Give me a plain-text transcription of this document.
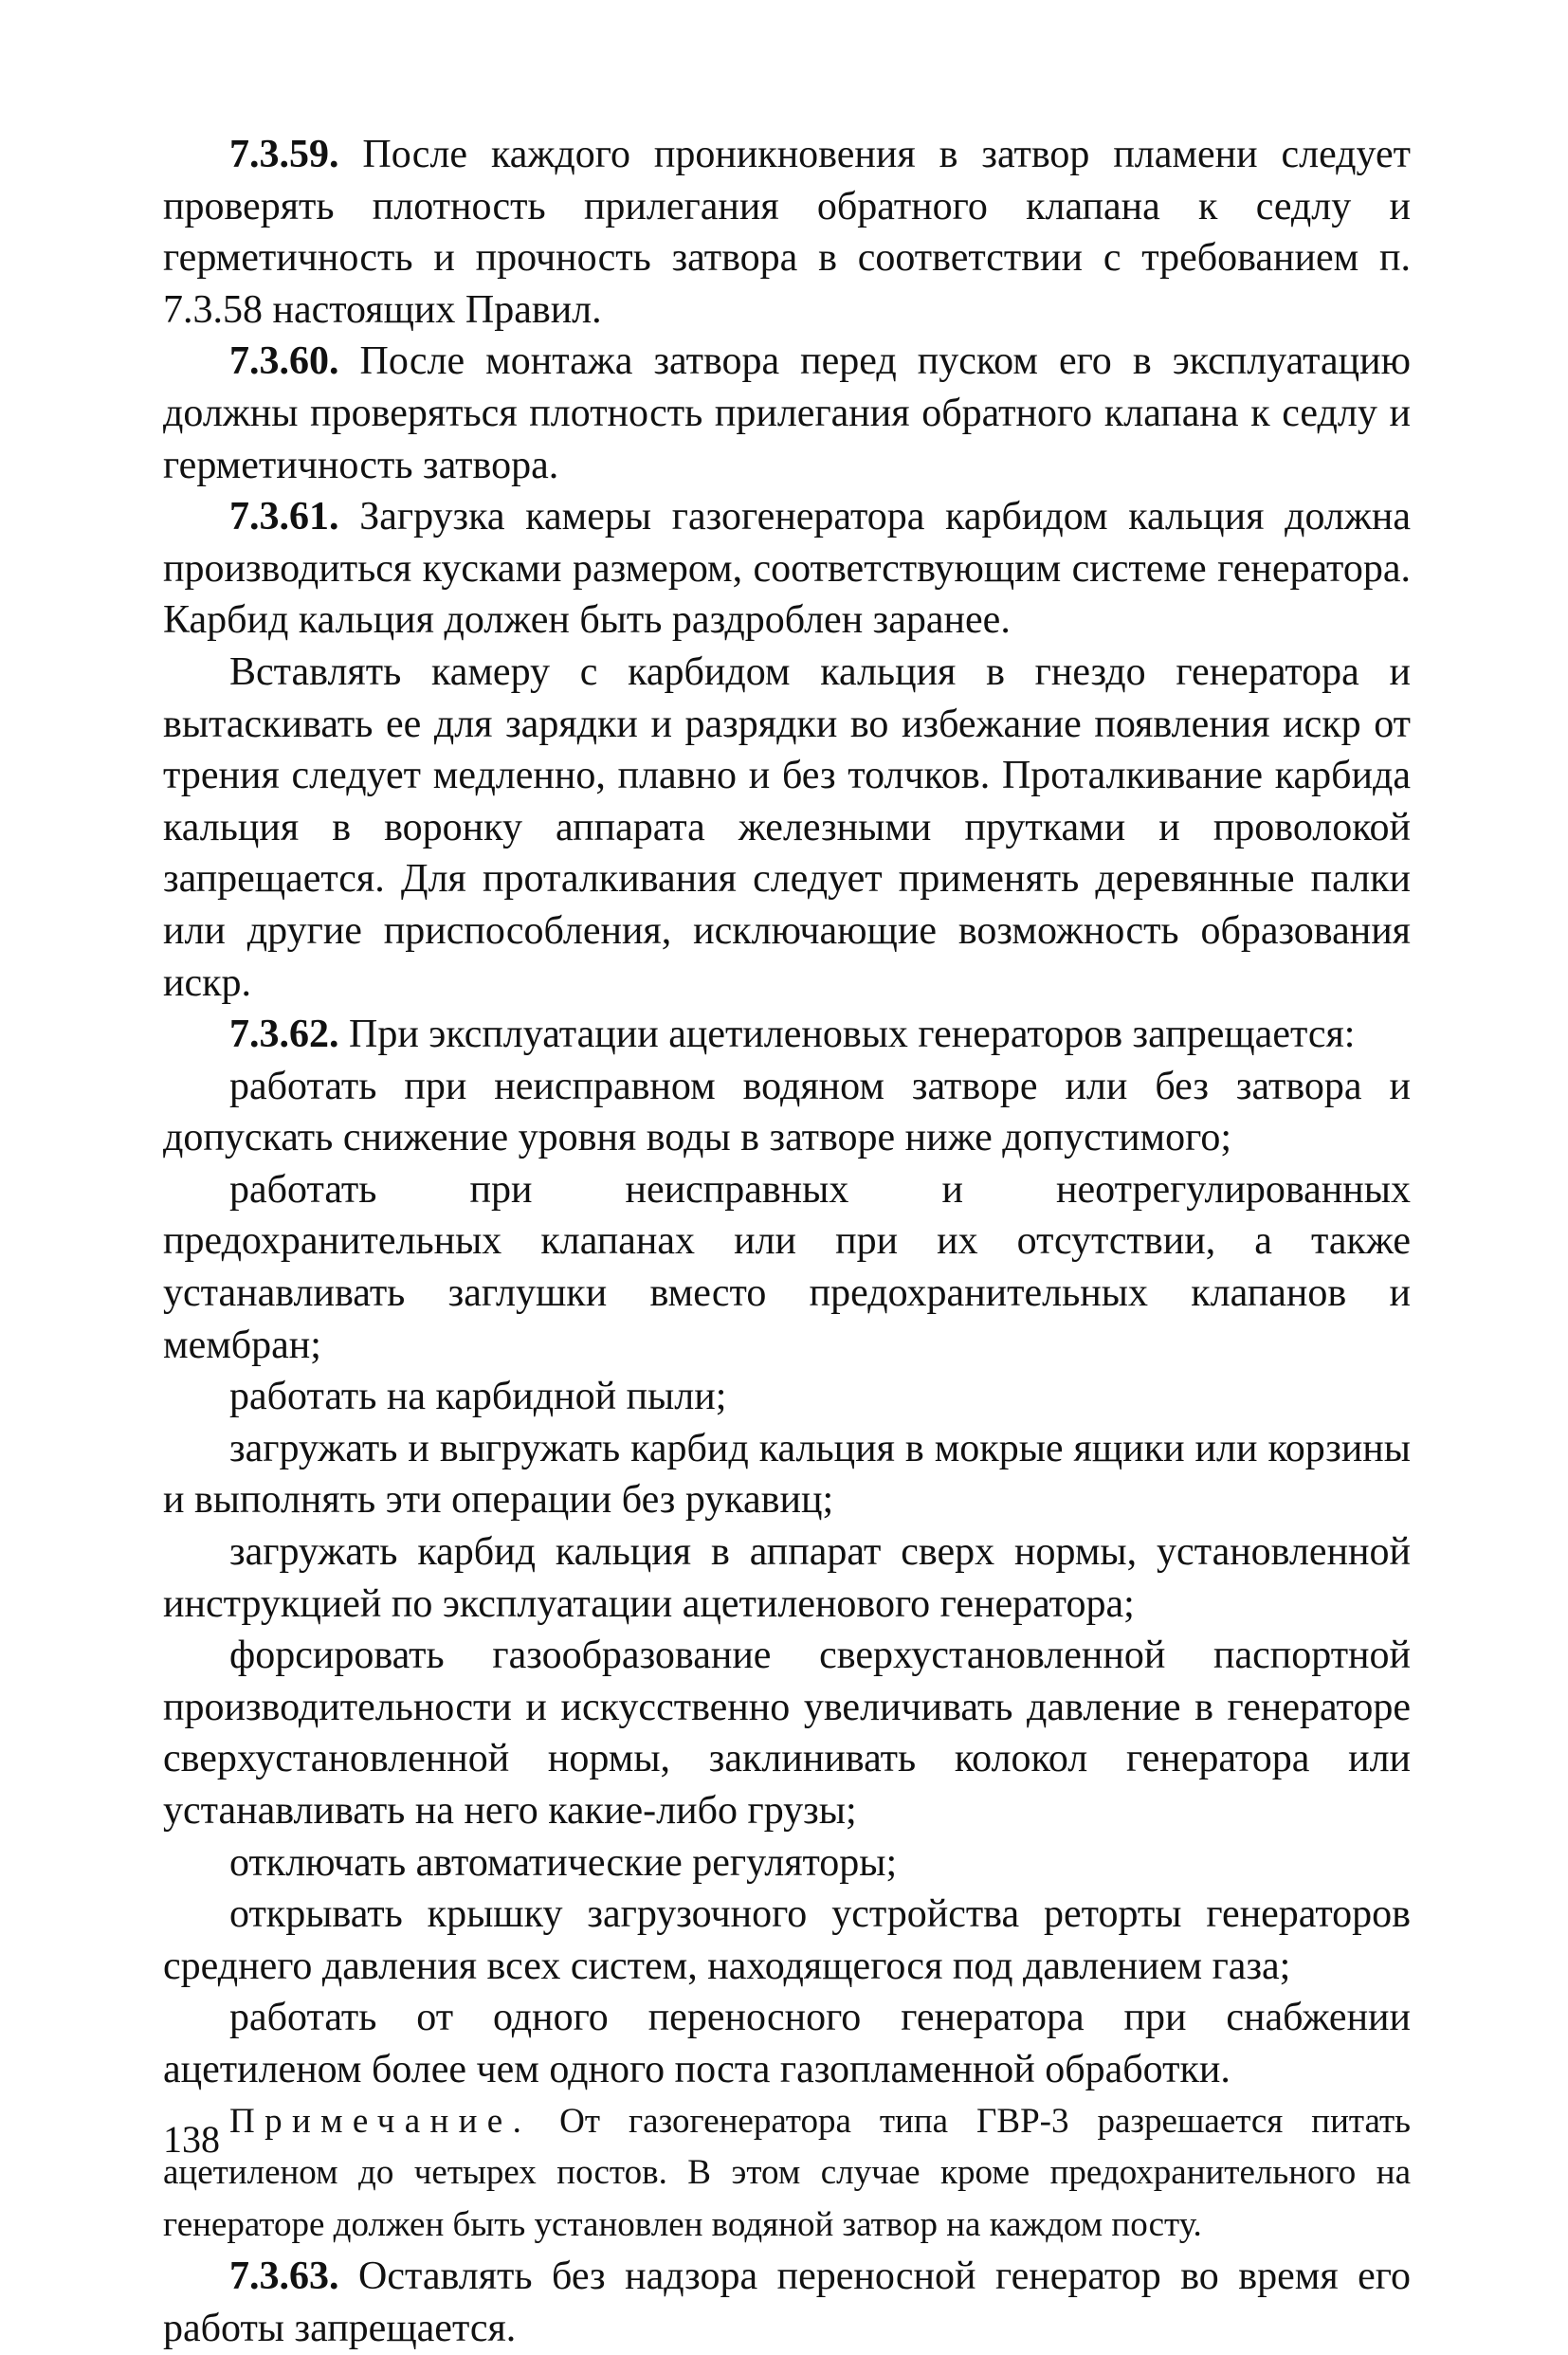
7.3.59. После каждого проникновения в затвор пламени следует проверять плотность прилегания обратного клапана к седлу и герметичность и прочность затвора в соответствии с требованием п. 7.3.58 настоящих Правил.

7.3.60. После монтажа затвора перед пуском его в эксплуатацию должны проверяться плотность прилегания обратного клапана к седлу и герметичность затвора.

7.3.61. Загрузка камеры газогенератора карбидом кальция должна производиться кусками размером, соответствующим системе генератора. Карбид кальция должен быть раздроблен заранее.

Вставлять камеру с карбидом кальция в гнездо генератора и вытаскивать ее для зарядки и разрядки во избежание появления искр от трения следует медленно, плавно и без толчков. Проталкивание карбида кальция в воронку аппарата железными прутками и проволокой запрещается. Для проталкивания следует применять деревянные палки или другие приспособления, исключающие возможность образования искр.

7.3.62. При эксплуатации ацетиленовых генераторов запрещается:

работать при неисправном водяном затворе или без затвора и допускать снижение уровня воды в затворе ниже допустимого;

работать при неисправных и неотрегулированных предохранительных клапанах или при их отсутствии, а также устанавливать заглушки вместо предохранительных клапанов и мембран;

работать на карбидной пыли;

загружать и выгружать карбид кальция в мокрые ящики или корзины и выполнять эти операции без рукавиц;

загружать карбид кальция в аппарат сверх нормы, установленной инструкцией по эксплуатации ацетиленового генератора;

форсировать газообразование сверхустановленной паспортной производительности и искусственно увеличивать давление в генераторе сверхустановленной нормы, заклинивать колокол генератора или устанавливать на него какие-либо грузы;

отключать автоматические регуляторы;

открывать крышку загрузочного устройства реторты генераторов среднего давления всех систем, находящегося под давлением газа;

работать от одного переносного генератора при снабжении ацетиленом более чем одного поста газопламенной обработки.

Примечание. От газогенератора типа ГВР-3 разрешается питать ацетиленом до четырех постов. В этом случае кроме предохранительного на генераторе должен быть установлен водяной затвор на каждом посту.

7.3.63. Оставлять без надзора переносной генератор во время его работы запрещается.

138
